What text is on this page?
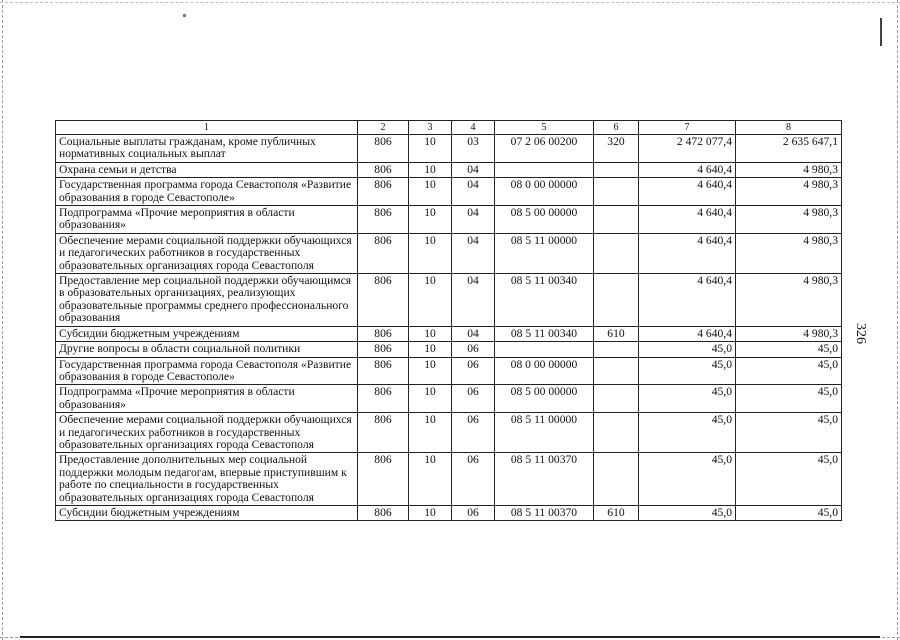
1	2	3	4	5	6	7	8
Социальные выплаты гражданам, кроме публичных нормативных социальных выплат	806	10	03	07 2 06 00200	320	2 472 077,4	2 635 647,1
Охрана семьи и детства	806	10	04			4 640,4	4 980,3
Государственная программа города Севастополя «Развитие образования в городе Севастополе»	806	10	04	08 0 00 00000		4 640,4	4 980,3
Подпрограмма «Прочие мероприятия в области образования»	806	10	04	08 5 00 00000		4 640,4	4 980,3
Обеспечение мерами социальной поддержки обучающихся и педагогических работников в государственных образовательных организациях города Севастополя	806	10	04	08 5 11 00000		4 640,4	4 980,3
Предоставление мер социальной поддержки обучающимся в образовательных организациях, реализующих образовательные программы среднего профессионального образования	806	10	04	08 5 11 00340		4 640,4	4 980,3
Субсидии бюджетным учреждениям	806	10	04	08 5 11 00340	610	4 640,4	4 980,3
Другие вопросы в области социальной политики	806	10	06			45,0	45,0
Государственная программа города Севастополя «Развитие образования в городе Севастополе»	806	10	06	08 0 00 00000		45,0	45,0
Подпрограмма «Прочие мероприятия в области образования»	806	10	06	08 5 00 00000		45,0	45,0
Обеспечение мерами социальной поддержки обучающихся и педагогических работников в государственных образовательных организациях города Севастополя	806	10	06	08 5 11 00000		45,0	45,0
Предоставление дополнительных мер социальной поддержки молодым педагогам, впервые приступившим к работе по специальности в государственных образовательных организациях города Севастополя	806	10	06	08 5 11 00370		45,0	45,0
Субсидии бюджетным учреждениям	806	10	06	08 5 11 00370	610	45,0	45,0
326
